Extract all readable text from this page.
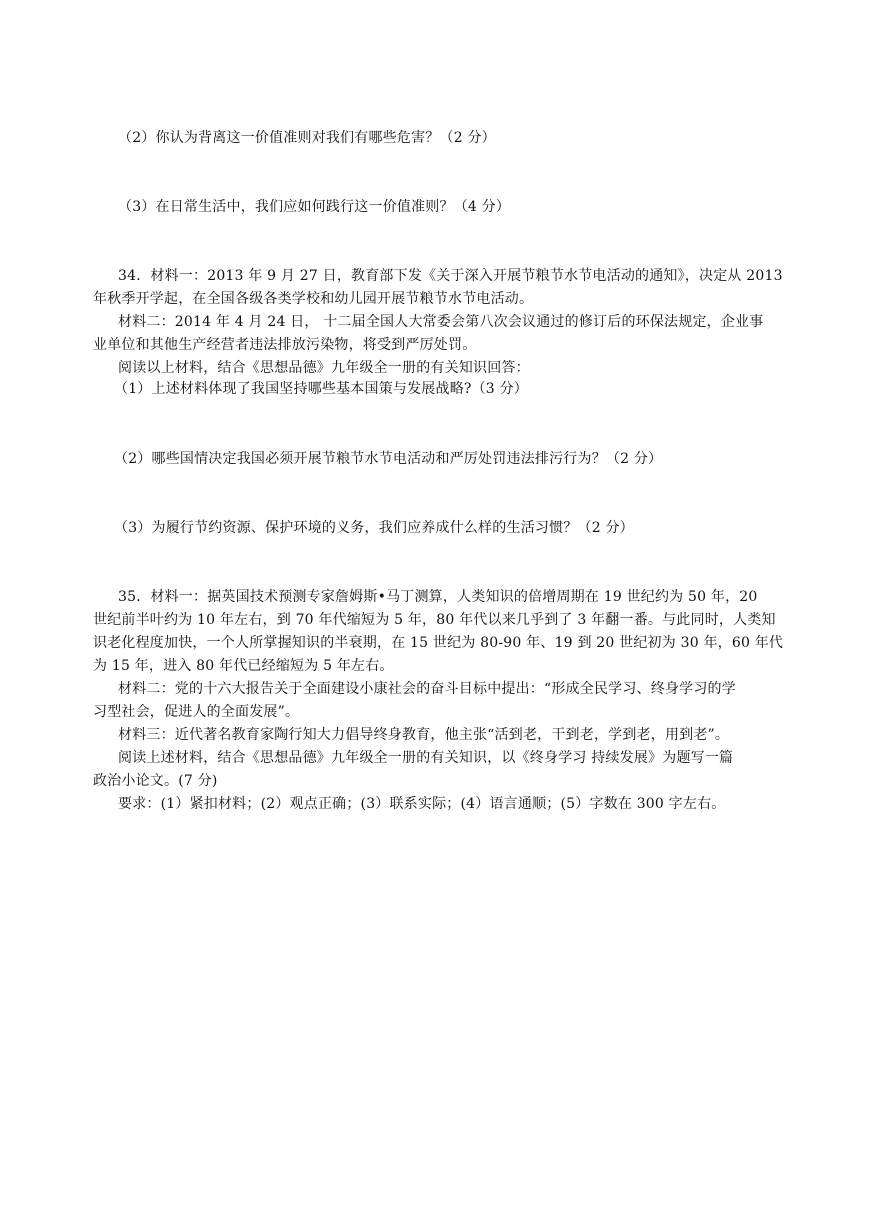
（2）你认为背离这一价值准则对我们有哪些危害？（2 分）
（3）在日常生活中，我们应如何践行这一价值准则？（4 分）
34．材料一：2013 年 9 月 27 日，教育部下发《关于深入开展节粮节水节电活动的通知》，决定从 2013
年秋季开学起，在全国各级各类学校和幼儿园开展节粮节水节电活动。
材料二：2014 年 4 月 24 日， 十二届全国人大常委会第八次会议通过的修订后的环保法规定，企业事
业单位和其他生产经营者违法排放污染物，将受到严厉处罚。
阅读以上材料，结合《思想品德》九年级全一册的有关知识回答：
（1）上述材料体现了我国坚持哪些基本国策与发展战略?（3 分）
（2）哪些国情决定我国必须开展节粮节水节电活动和严厉处罚违法排污行为？（2 分）
（3）为履行节约资源、保护环境的义务，我们应养成什么样的生活习惯？（2 分）
35．材料一：据英国技术预测专家詹姆斯•马丁测算，人类知识的倍增周期在 19 世纪约为 50 年，20
世纪前半叶约为 10 年左右，到 70 年代缩短为 5 年，80 年代以来几乎到了 3 年翻一番。与此同时，人类知
识老化程度加快，一个人所掌握知识的半衰期，在 15 世纪为 80-90 年、19 到 20 世纪初为 30 年，60 年代
为 15 年，进入 80 年代已经缩短为 5 年左右。
材料二：党的十六大报告关于全面建设小康社会的奋斗目标中提出：“形成全民学习、终身学习的学
习型社会，促进人的全面发展”。
材料三：近代著名教育家陶行知大力倡导终身教育，他主张“活到老，干到老，学到老，用到老”。
阅读上述材料，结合《思想品德》九年级全一册的有关知识，以《终身学习 持续发展》为题写一篇
政治小论文。(7 分)
要求：(1）紧扣材料；(2）观点正确；(3）联系实际；(4）语言通顺；(5）字数在 300 字左右。
